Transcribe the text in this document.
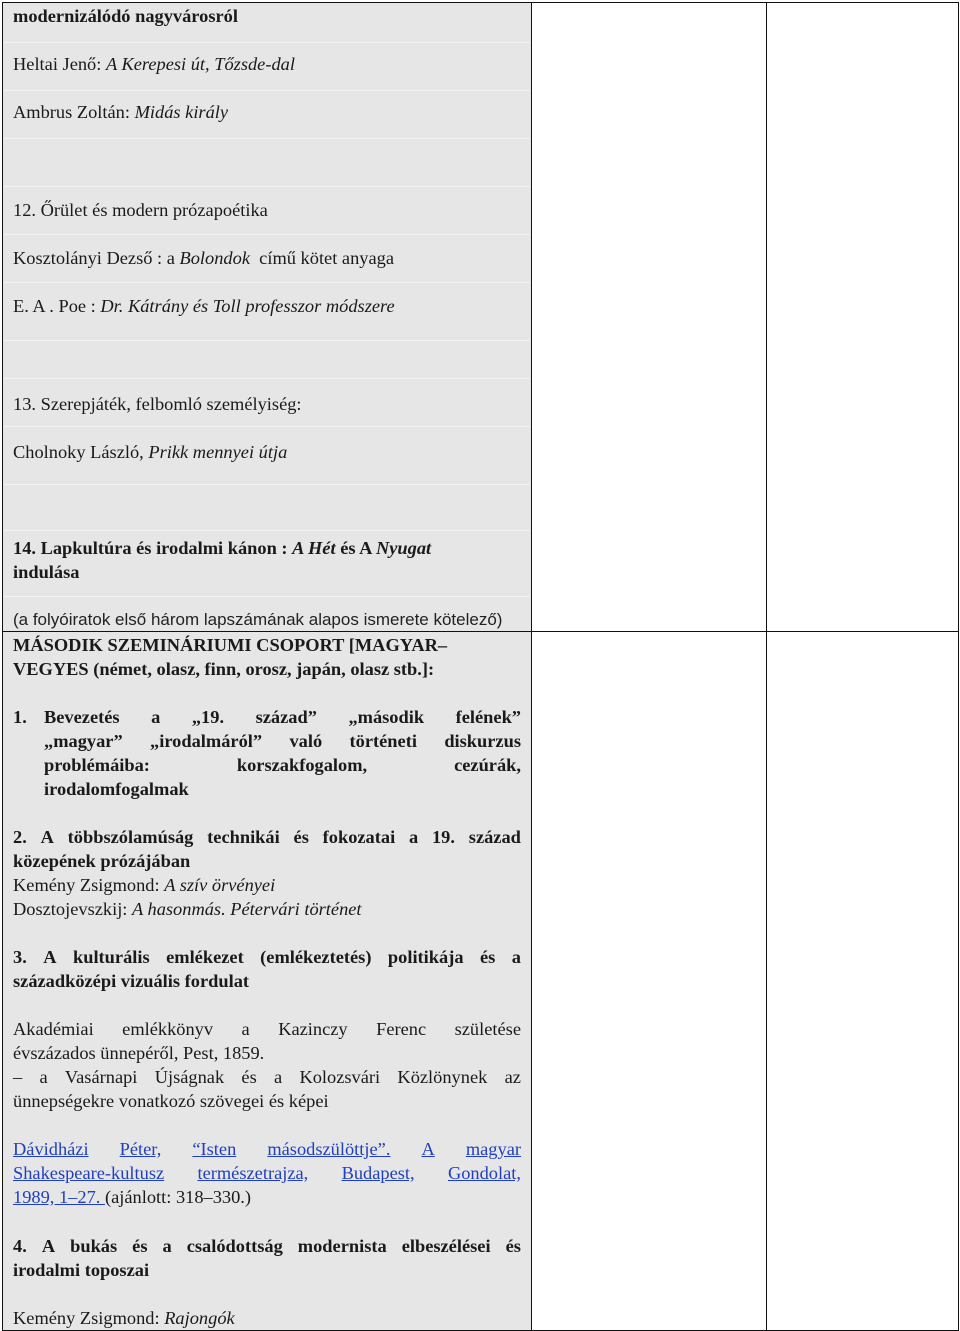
modernizálódó nagyvárosról
Heltai Jenő: A Kerepesi út, Tőzsde-dal
Ambrus Zoltán: Midás király
12. Őrület és modern prózapoétika
Kosztolányi Dezső : a Bolondok  című kötet anyaga
E. A . Poe : Dr. Kátrány és Toll professzor módszere
13. Szerepjáték, felbomló személyiség:
Cholnoky László, Prikk mennyei útja
14. Lapkultúra és irodalmi kánon : A Hét és A Nyugat
indulása
(a folyóiratok első három lapszámának alapos ismerete kötelező)
MÁSODIK SZEMINÁRIUMI CSOPORT [MAGYAR–
VEGYES (német, olasz, finn, orosz, japán, olasz stb.]:
1. Bevezetés a „19. század” „második felének”
„magyar” „irodalmáról” való történeti diskurzus
problémáiba:	korszakfogalom,	cezúrák,
irodalomfogalmak
2. A többszólamúság technikái és fokozatai a 19. század
közepének prózájában
Kemény Zsigmond: A szív örvényei
Dosztojevszkij: A hasonmás. Pétervári történet
3. A kulturális emlékezet (emlékeztetés) politikája és a
századközépi vizuális fordulat
Akadémiai emlékkönyv a Kazinczy Ferenc születése
évszázados ünnepéről, Pest, 1859.
– a Vasárnapi Újságnak és a Kolozsvári Közlönynek az
ünnepségekre vonatkozó szövegei és képei
Dávidházi Péter, “Isten másodszülöttje”. A magyar
Shakespeare-kultusz természetrajza, Budapest, Gondolat,
1989, 1–27. (ajánlott: 318–330.)
4. A bukás és a csalódottság modernista elbeszélései és
irodalmi toposzai
Kemény Zsigmond: Rajongók
